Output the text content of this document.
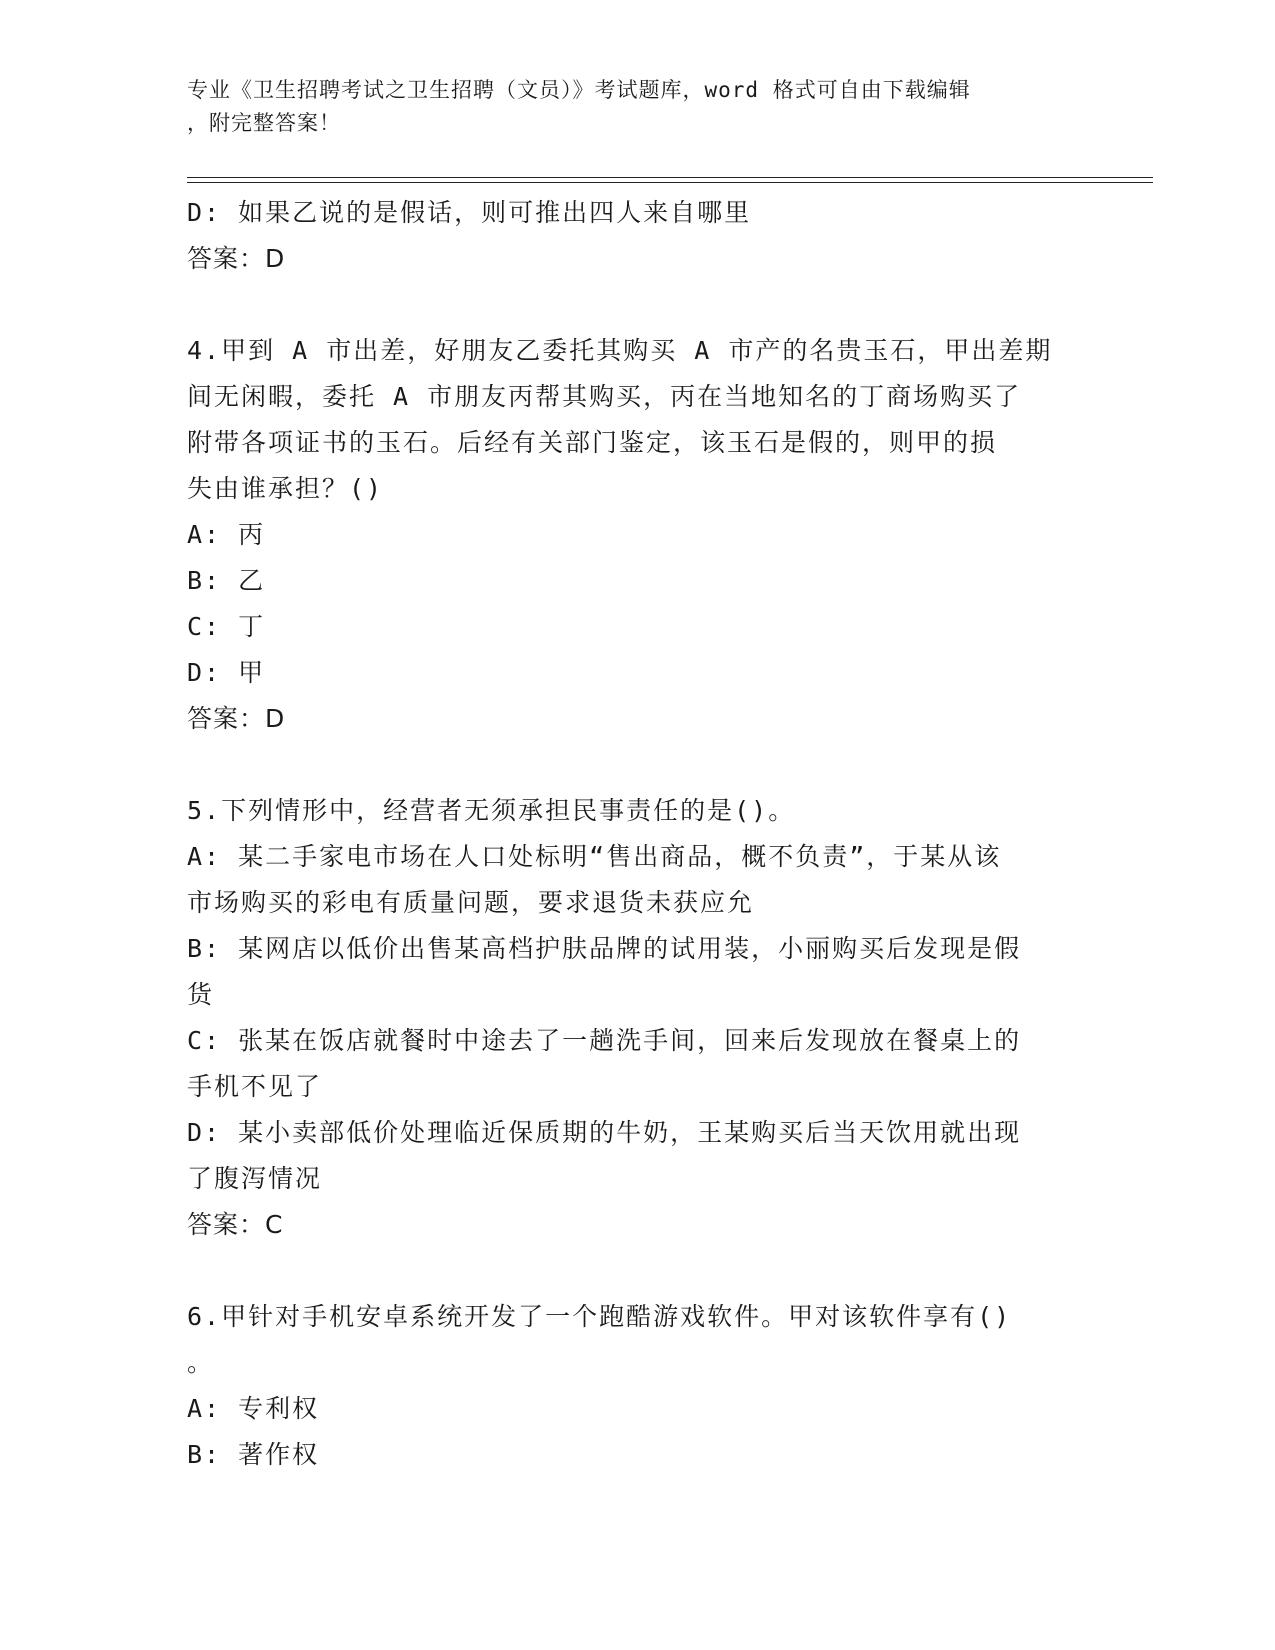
专业《卫生招聘考试之卫生招聘（文员）》考试题库，word 格式可自由下载编辑
，附完整答案！
D: 如果乙说的是假话，则可推出四人来自哪里
答案：D
4.甲到 A 市出差，好朋友乙委托其购买 A 市产的名贵玉石，甲出差期
间无闲暇，委托 A 市朋友丙帮其购买，丙在当地知名的丁商场购买了
附带各项证书的玉石。后经有关部门鉴定，该玉石是假的，则甲的损
失由谁承担？()
A: 丙
B: 乙
C: 丁
D: 甲
答案：D
5.下列情形中，经营者无须承担民事责任的是()。
A: 某二手家电市场在人口处标明“售出商品，概不负责”，于某从该
市场购买的彩电有质量问题，要求退货未获应允
B: 某网店以低价出售某高档护肤品牌的试用装，小丽购买后发现是假
货
C: 张某在饭店就餐时中途去了一趟洗手间，回来后发现放在餐桌上的
手机不见了
D: 某小卖部低价处理临近保质期的牛奶，王某购买后当天饮用就出现
了腹泻情况
答案：C
6.甲针对手机安卓系统开发了一个跑酷游戏软件。甲对该软件享有()
。
A: 专利权
B: 著作权
